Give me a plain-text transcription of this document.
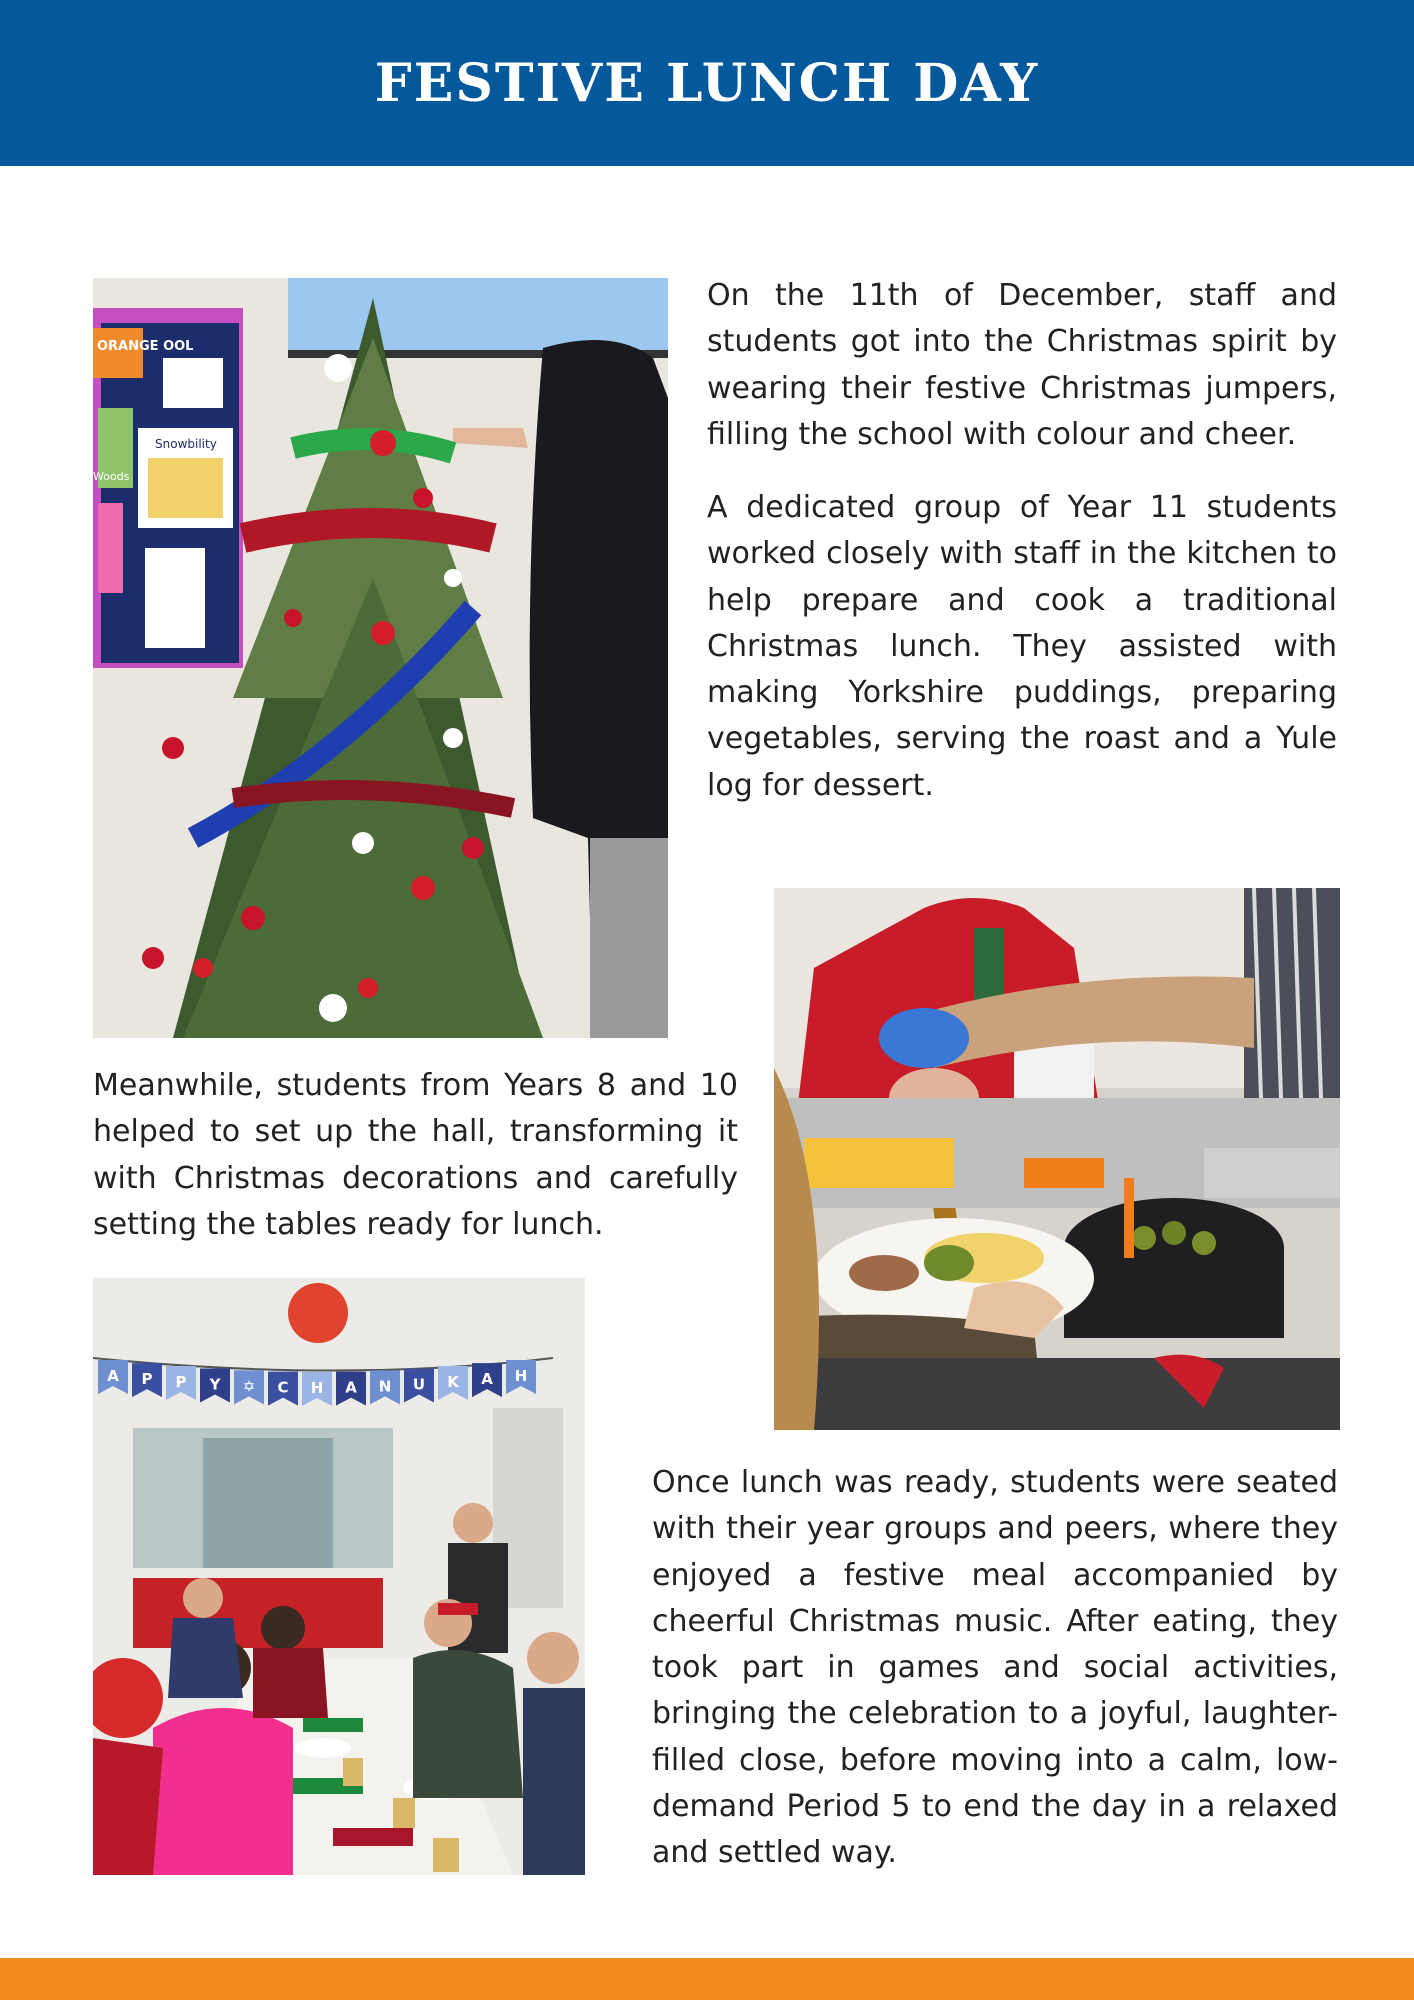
FESTIVE LUNCH DAY
ORANGE OOL
Snowbility
Woods

On the 11th of December, staff and students got into the Christmas spirit by wearing their festive Christmas jumpers, filling the school with colour and cheer.

A dedicated group of Year 11 students worked closely with staff in the kitchen to help prepare and cook a traditional Christmas lunch. They assisted with making Yorkshire puddings, preparing vegetables, serving the roast and a Yule log for dessert.

Meanwhile, students from Years 8 and 10 helped to set up the hall, transforming it with Christmas decorations and carefully setting the tables ready for lunch.

A P P Y ✡ C H A N U K A H

Once lunch was ready, students were seated with their year groups and peers, where they enjoyed a festive meal accompanied by cheerful Christmas music. After eating, they took part in games and social activities, bringing the celebration to a joyful, laughter-filled close, before moving into a calm, low-demand Period 5 to end the day in a relaxed and settled way.
